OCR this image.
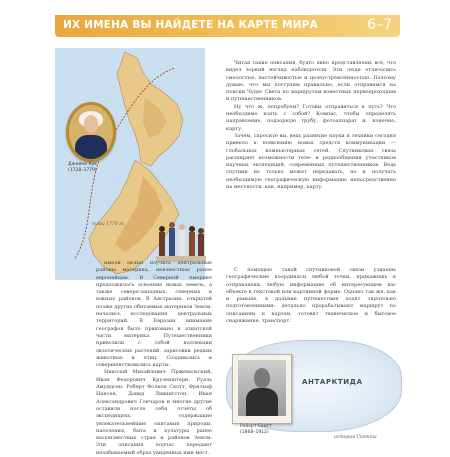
ИХ ИМЕНА ВЫ НАЙДЕТЕ НА КАРТЕ МИРА	6–7
Джеймс Кук
(1728–1779)
пути 1770 гг.

Читая такие описания, будто явно представляешь всё, что видел зоркий взгляд наблюдателя. Эти люди отличались смелостью, настойчивостью и целеустремлённостью. Поэтому думаю, что мы поступим правильно, если отправимся на поиски Чудес Света по маршрутам известных первопроходцев и путешественников.

Ну что ж, попробуем? Готовы отправиться в путь? Что необходимо взять с собой? Компас, чтобы определять направление, подзорную трубу, фотоаппарат и, конечно, карту.

Зачем, спросите вы, ведь развитие науки и техники сегодня привело к появлению новых средств коммуникации — глобальных компьютерных сетей. Спутниковая связь расширяет возможности теле- и радиообщения участников научных экспедиций, современных путешественников. Ведь спутник не только может передавать, но и получать необходимую географическую информацию непосредственно на местности, как, например, карту.

имели целью изучить центральные районы материка, неизвестные ранее европейцам. В Северной Америке продолжилось освоение новых земель, а также северо-западных, северных и южных районов. В Австралии, открытой позже других обитаемых материков Земли, начались исследования центральных территорий. В Евразии внимание географов было приковано к азиатской части материка. Путешественники привозили с собой коллекции экзотических растений, зарисовки редких животных и птиц. Создавались и совершенствовались карты.

Николай Михайлович Пржевальский, Иван Федорович Крузенштерн, Руаль Амундсен, Роберт Фолкон Скотт, Фритьоф Нансен, Давид Ливингстон, Иван Александрович Гончаров и многие другие оставили после себя отчёты об экспедициях, содержащие увлекательнейшие описания природы, населения, быта и культуры ранее малоизвестных стран и районов Земли. Эти описания подчас передают незабываемый образ увиденных ими мест.

С помощью такой спутниковой связи узнаешь географические координаты любой точки, прикажешь и отправляешь любую информацию об интересующем вас объекте в текстовой или картинной форме. Однако так же, как и раньше, в дальние путешествия ходят тщательно подготовленными: детально прорабатывают маршрут по описаниям и картам, готовят техническое и бытовое снаряжение, транспорт.

АНТАРКТИДА
история Скотта
Роберт Скотт
(1868–1912)
